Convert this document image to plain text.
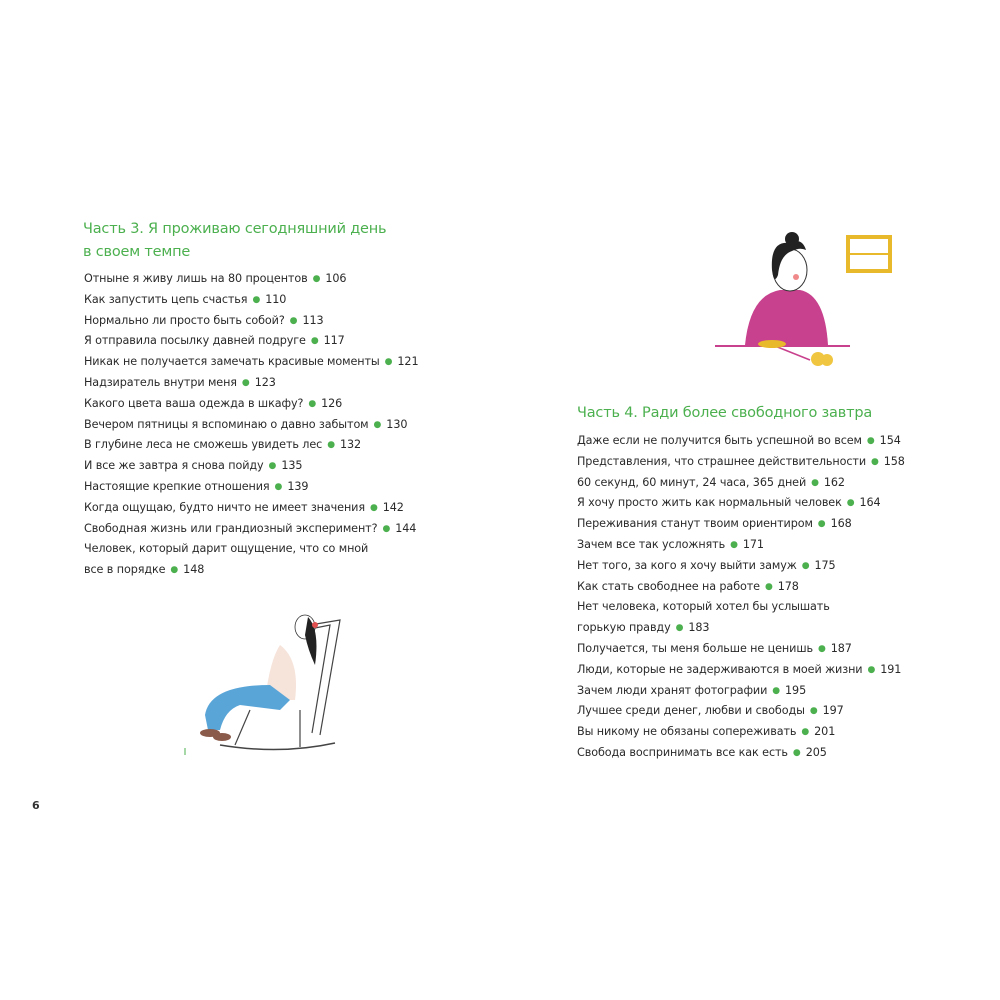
Часть 3. Я проживаю сегодняшний день
в своем темпе
Отныне я живу лишь на 80 процентов ● 106
Как запустить цепь счастья ● 110
Нормально ли просто быть собой? ● 113
Я отправила посылку давней подруге ● 117
Никак не получается замечать красивые моменты ● 121
Надзиратель внутри меня ● 123
Какого цвета ваша одежда в шкафу? ● 126
Вечером пятницы я вспоминаю о давно забытом ● 130
В глубине леса не сможешь увидеть лес ● 132
И все же завтра я снова пойду ● 135
Настоящие крепкие отношения ● 139
Когда ощущаю, будто ничто не имеет значения ● 142
Свободная жизнь или грандиозный эксперимент? ● 144
Человек, который дарит ощущение, что со мной
все в порядке ● 148
Часть 4. Ради более свободного завтра
Даже если не получится быть успешной во всем ● 154
Представления, что страшнее действительности ● 158
60 секунд, 60 минут, 24 часа, 365 дней ● 162
Я хочу просто жить как нормальный человек ● 164
Переживания станут твоим ориентиром ● 168
Зачем все так усложнять ● 171
Нет того, за кого я хочу выйти замуж ● 175
Как стать свободнее на работе ● 178
Нет человека, который хотел бы услышать
горькую правду ● 183
Получается, ты меня больше не ценишь ● 187
Люди, которые не задерживаются в моей жизни ● 191
Зачем люди хранят фотографии ● 195
Лучшее среди денег, любви и свободы ● 197
Вы никому не обязаны сопереживать ● 201
Свобода воспринимать все как есть ● 205
6
